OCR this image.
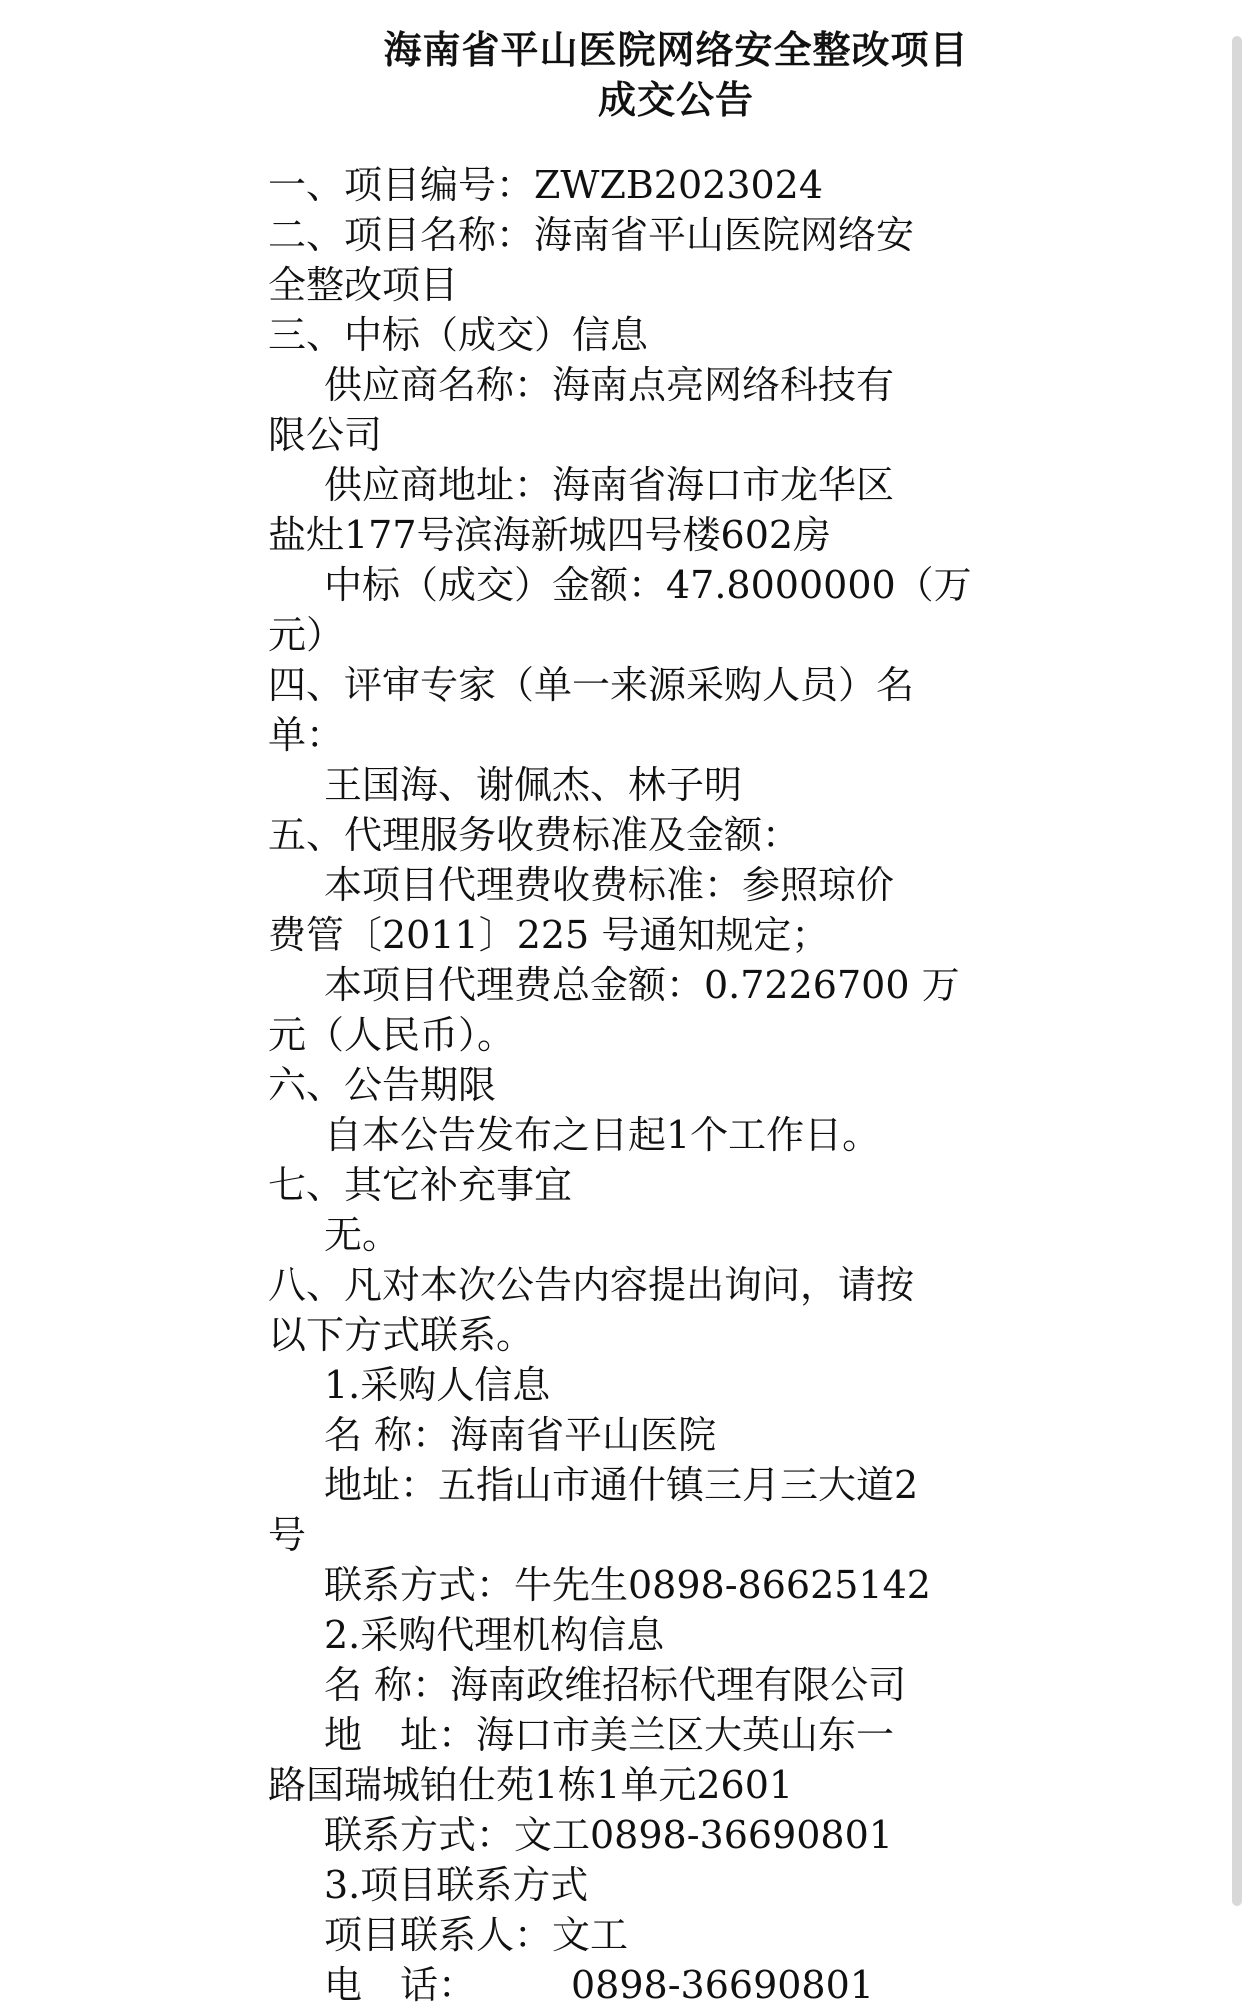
海南省平山医院网络安全整改项目
成交公告
一、项目编号：ZWZB2023024
二、项目名称：海南省平山医院网络安
全整改项目
三、中标（成交）信息
供应商名称：海南点亮网络科技有
限公司
供应商地址：海南省海口市龙华区
盐灶177号滨海新城四号楼602房
中标（成交）金额：47.8000000（万
元）
四、评审专家（单一来源采购人员）名
单：
王国海、谢佩杰、林子明
五、代理服务收费标准及金额：
本项目代理费收费标准：参照琼价
费管〔2011〕225 号通知规定；
本项目代理费总金额：0.7226700 万
元（人民币）。
六、公告期限
自本公告发布之日起1个工作日。
七、其它补充事宜
无。
八、凡对本次公告内容提出询问，请按
以下方式联系。
1.采购人信息
名 称：海南省平山医院
地址：五指山市通什镇三月三大道2
号
联系方式：牛先生0898-86625142
2.采购代理机构信息
名 称：海南政维招标代理有限公司
地　址：海口市美兰区大英山东一
路国瑞城铂仕苑1栋1单元2601
联系方式：文工0898-36690801
3.项目联系方式
项目联系人：文工
电　话：　　　0898-36690801
